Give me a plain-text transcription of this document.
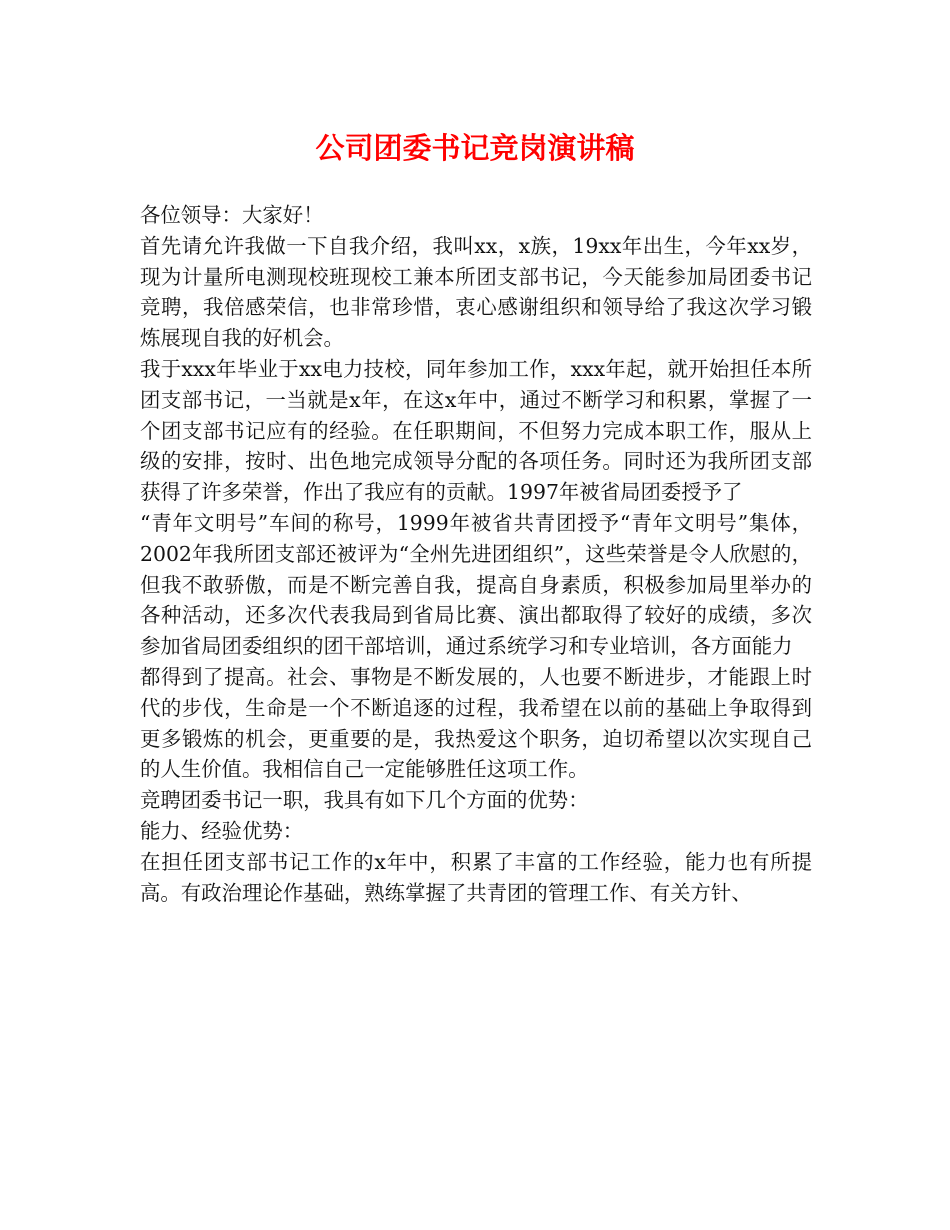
公司团委书记竞岗演讲稿

各位领导：大家好！

首先请允许我做一下自我介绍，我叫xx，x族，19xx年出生，今年xx岁，现为计量所电测现校班现校工兼本所团支部书记，今天能参加局团委书记竞聘，我倍感荣信，也非常珍惜，衷心感谢组织和领导给了我这次学习锻炼展现自我的好机会。

我于xxx年毕业于xx电力技校，同年参加工作，xxx年起，就开始担任本所团支部书记，一当就是x年，在这x年中，通过不断学习和积累，掌握了一个团支部书记应有的经验。在任职期间，不但努力完成本职工作，服从上级的安排，按时、出色地完成领导分配的各项任务。同时还为我所团支部获得了许多荣誉，作出了我应有的贡献。1997年被省局团委授予了

“青年文明号”车间的称号，1999年被省共青团授予“青年文明号”集体，2002年我所团支部还被评为“全州先进团组织”，这些荣誉是令人欣慰的，但我不敢骄傲，而是不断完善自我，提高自身素质，积极参加局里举办的各种活动，还多次代表我局到省局比赛、演出都取得了较好的成绩，多次参加省局团委组织的团干部培训，通过系统学习和专业培训，各方面能力

都得到了提高。社会、事物是不断发展的，人也要不断进步，才能跟上时代的步伐，生命是一个不断追逐的过程，我希望在以前的基础上争取得到更多锻炼的机会，更重要的是，我热爱这个职务，迫切希望以次实现自己的人生价值。我相信自己一定能够胜任这项工作。

竞聘团委书记一职，我具有如下几个方面的优势：

能力、经验优势：

在担任团支部书记工作的x年中，积累了丰富的工作经验，能力也有所提高。有政治理论作基础，熟练掌握了共青团的管理工作、有关方针、
